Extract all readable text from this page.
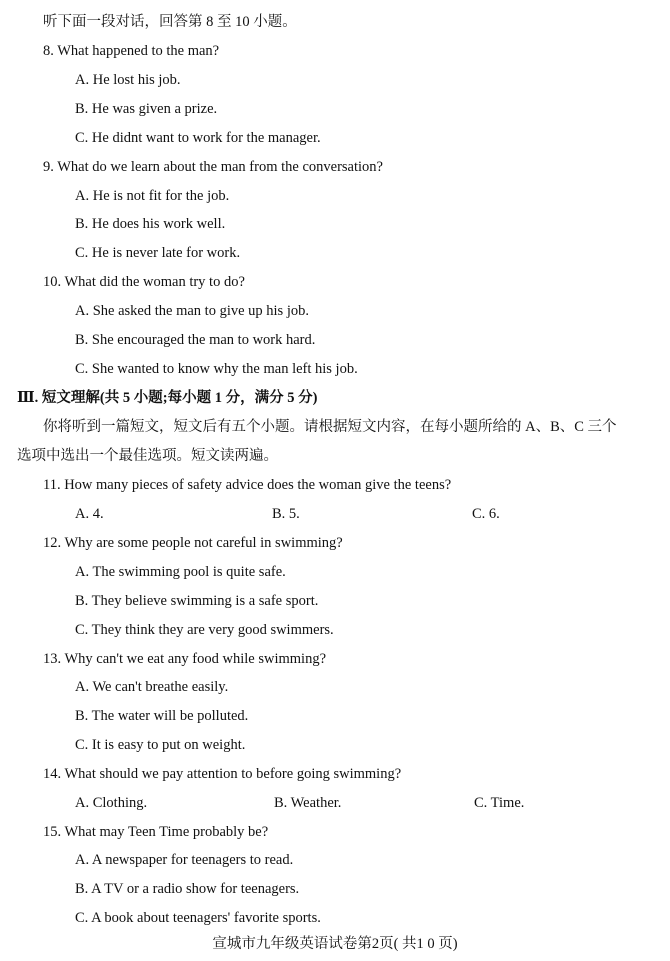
听下面一段对话，回答第 8 至 10 小题。
8. What happened to the man?
A. He lost his job.
B. He was given a prize.
C. He didnt want to work for the manager.
9. What do we learn about the man from the conversation?
A. He is not fit for the job.
B. He does his work well.
C. He is never late for work.
10. What did the woman try to do?
A. She asked the man to give up his job.
B. She encouraged the man to work hard.
C. She wanted to know why the man left his job.
Ⅲ. 短文理解(共 5 小题;每小题 1 分，满分 5 分)
你将听到一篇短文，短文后有五个小题。请根据短文内容，在每小题所给的 A、B、C 三个
选项中选出一个最佳选项。短文读两遍。
11. How many pieces of safety advice does the woman give the teens?
A. 4.	B. 5.	C. 6.
12. Why are some people not careful in swimming?
A. The swimming pool is quite safe.
B. They believe swimming is a safe sport.
C. They think they are very good swimmers.
13. Why can't we eat any food while swimming?
A. We can't breathe easily.
B. The water will be polluted.
C. It is easy to put on weight.
14. What should we pay attention to before going swimming?
A. Clothing.	B. Weather.	C. Time.
15. What may Teen Time probably be?
A. A newspaper for teenagers to read.
B. A TV or a radio show for teenagers.
C. A book about teenagers' favorite sports.
宣城市九年级英语试卷第2页( 共1 0 页)
